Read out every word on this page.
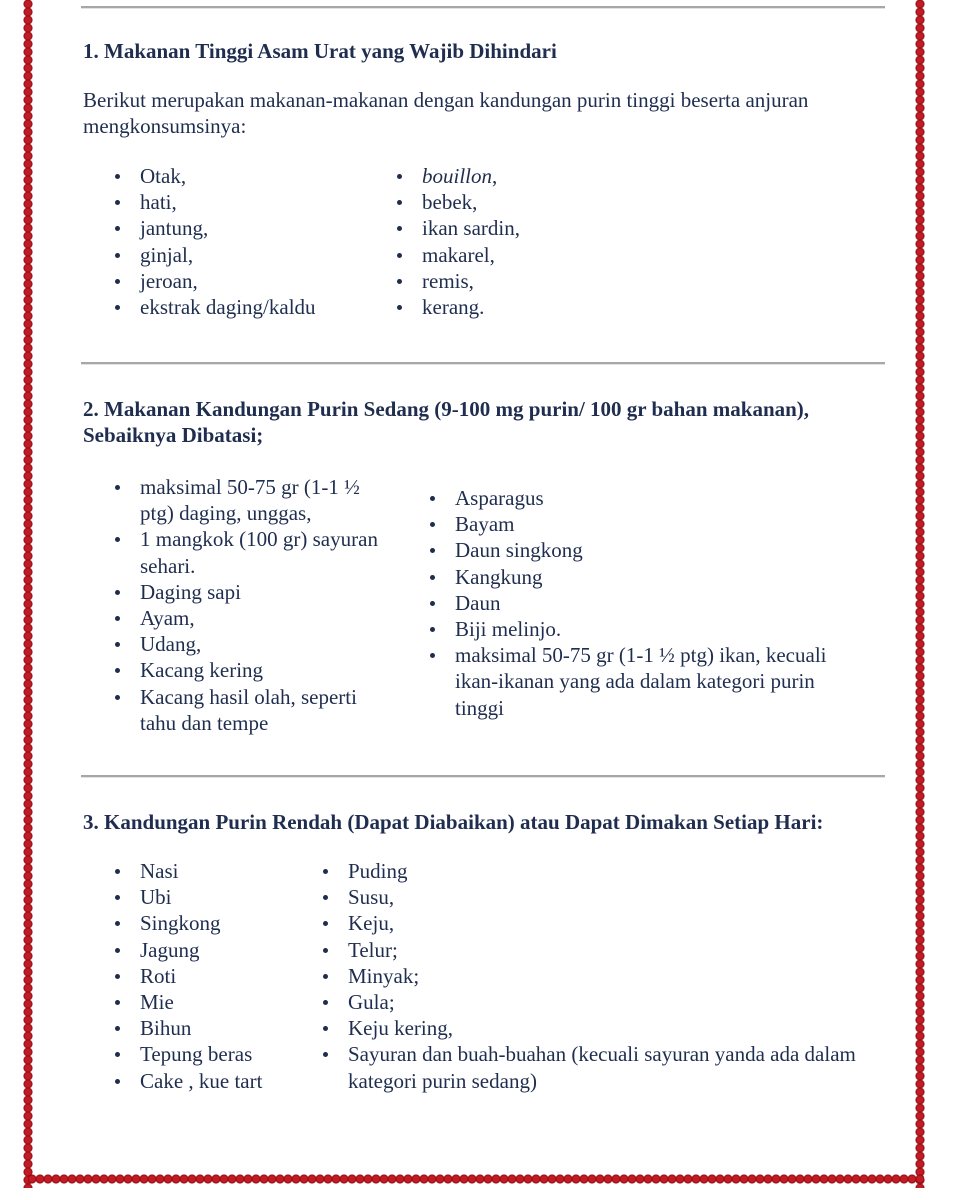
1. Makanan Tinggi Asam Urat yang Wajib Dihindari

Berikut merupakan makanan-makanan dengan kandungan purin tinggi beserta anjuran mengkonsumsinya:

Otak,
hati,
jantung,
ginjal,
jeroan,
ekstrak daging/kaldu
bouillon,
bebek,
ikan sardin,
makarel,
remis,
kerang.
2. Makanan Kandungan Purin Sedang (9-100 mg purin/ 100 gr bahan makanan), Sebaiknya Dibatasi;
maksimal 50-75 gr (1-1 ½ ptg) daging, unggas,
1 mangkok (100 gr) sayuran sehari.
Daging sapi
Ayam,
Udang,
Kacang kering
Kacang hasil olah, seperti tahu dan tempe
Asparagus
Bayam
Daun singkong
Kangkung
Daun
Biji melinjo.
maksimal 50-75 gr (1-1 ½ ptg) ikan, kecuali ikan-ikanan yang ada dalam kategori purin tinggi
3. Kandungan Purin Rendah (Dapat Diabaikan) atau Dapat Dimakan Setiap Hari:
Nasi
Ubi
Singkong
Jagung
Roti
Mie
Bihun
Tepung beras
Cake , kue tart
Puding
Susu,
Keju,
Telur;
Minyak;
Gula;
Keju kering,
Sayuran dan buah-buahan (kecuali sayuran yanda ada dalam kategori purin sedang)
